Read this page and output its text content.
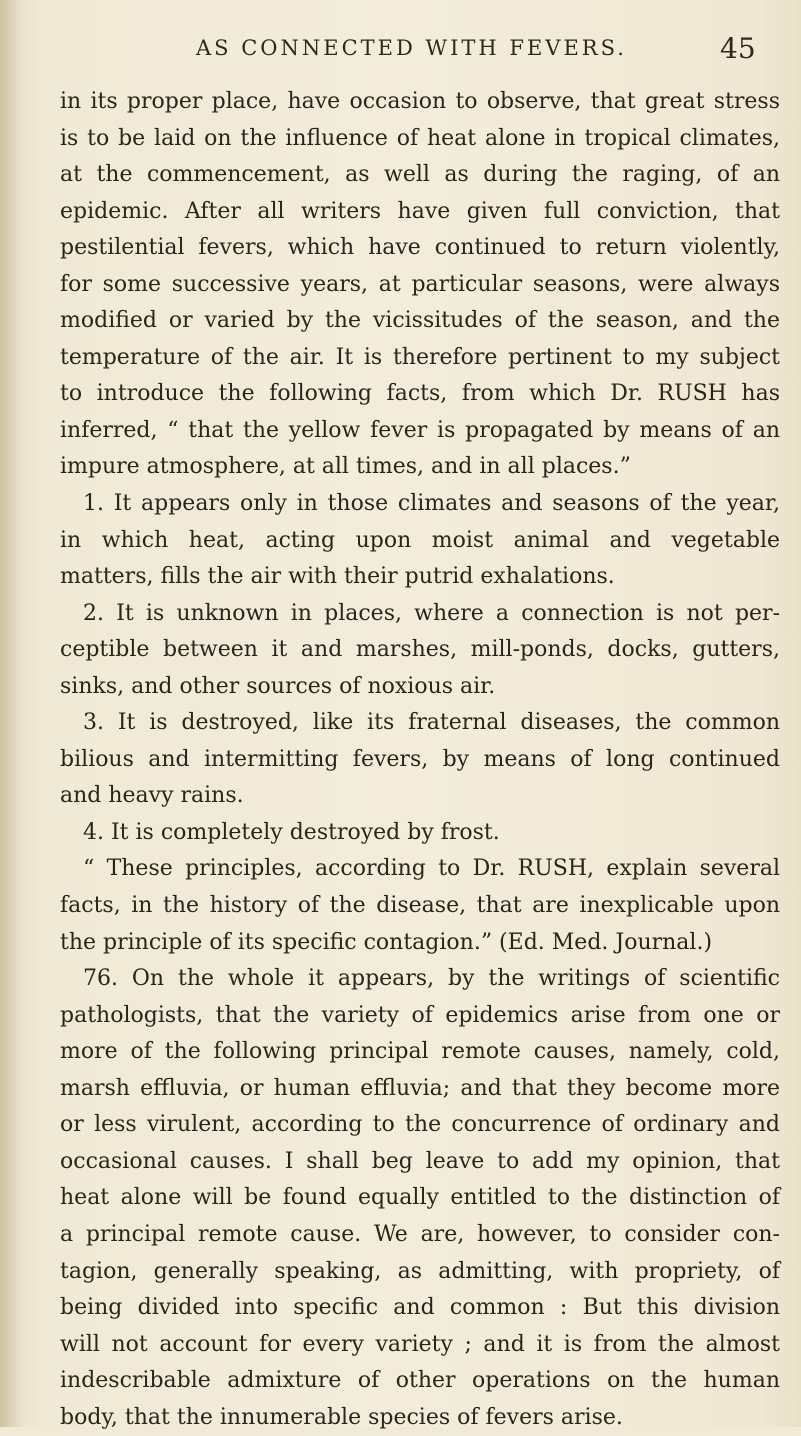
AS CONNECTED WITH FEVERS.	45
in its proper place, have occasion to observe, that great stress
is to be laid on the influence of heat alone in tropical climates,
at the commencement, as well as during the raging, of an
epidemic. After all writers have given full conviction, that
pestilential fevers, which have continued to return violently,
for some successive years, at particular seasons, were always
modified or varied by the vicissitudes of the season, and the
temperature of the air. It is therefore pertinent to my subject
to introduce the following facts, from which Dr. RUSH has
inferred, “ that the yellow fever is propagated by means of an
impure atmosphere, at all times, and in all places.”
1. It appears only in those climates and seasons of the year,
in which heat, acting upon moist animal and vegetable
matters, fills the air with their putrid exhalations.
2. It is unknown in places, where a connection is not per-
ceptible between it and marshes, mill-ponds, docks, gutters,
sinks, and other sources of noxious air.
3. It is destroyed, like its fraternal diseases, the common
bilious and intermitting fevers, by means of long continued
and heavy rains.
4. It is completely destroyed by frost.
“ These principles, according to Dr. RUSH, explain several
facts, in the history of the disease, that are inexplicable upon
the principle of its specific contagion.” (Ed. Med. Journal.)
76. On the whole it appears, by the writings of scientific
pathologists, that the variety of epidemics arise from one or
more of the following principal remote causes, namely, cold,
marsh effluvia, or human effluvia; and that they become more
or less virulent, according to the concurrence of ordinary and
occasional causes. I shall beg leave to add my opinion, that
heat alone will be found equally entitled to the distinction of
a principal remote cause. We are, however, to consider con-
tagion, generally speaking, as admitting, with propriety, of
being divided into specific and common : But this division
will not account for every variety ; and it is from the almost
indescribable admixture of other operations on the human
body, that the innumerable species of fevers arise.
